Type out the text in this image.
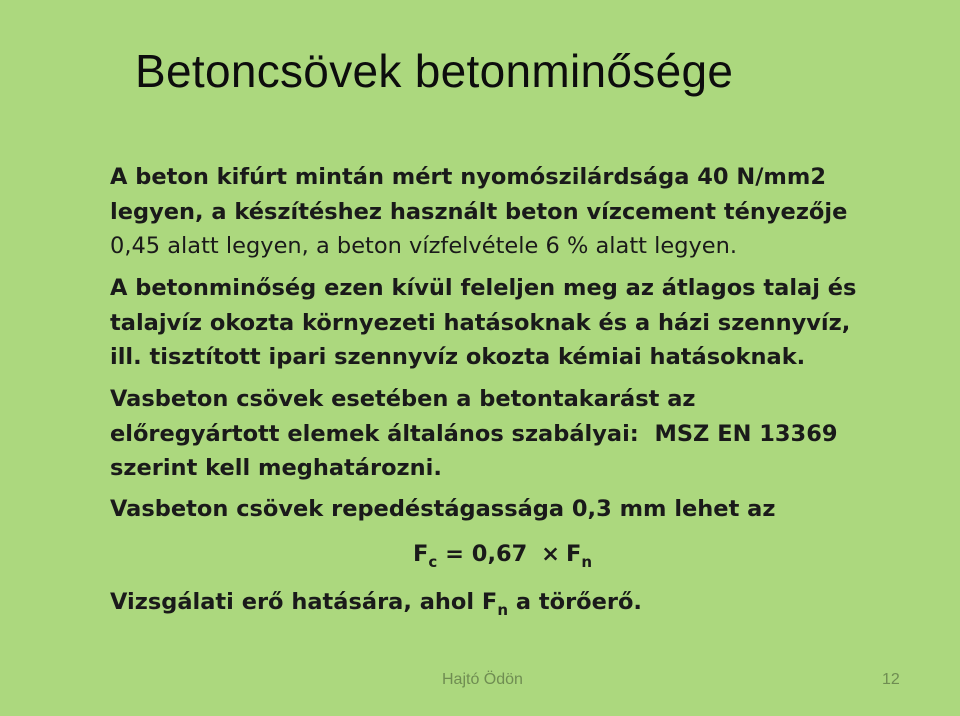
Betoncsövek betonminősége
A beton kifúrt mintán mért nyomószilárdsága 40 N/mm2
legyen, a készítéshez használt beton vízcement tényezője
0,45 alatt legyen, a beton vízfelvétele 6 % alatt legyen.
A betonminőség ezen kívül feleljen meg az átlagos talaj és
talajvíz okozta környezeti hatásoknak és a házi szennyvíz,
ill. tisztított ipari szennyvíz okozta kémiai hatásoknak.
Vasbeton csövek esetében a betontakarást az
előregyártott elemek általános szabályai:  MSZ EN 13369
szerint kell meghatározni.
Vasbeton csövek repedéstágassága 0,3 mm lehet az
$F_c = 0,67 \times F_n$
Vizsgálati erő hatására, ahol $F_n$ a törőerő.
Hajtó Ödön	12
